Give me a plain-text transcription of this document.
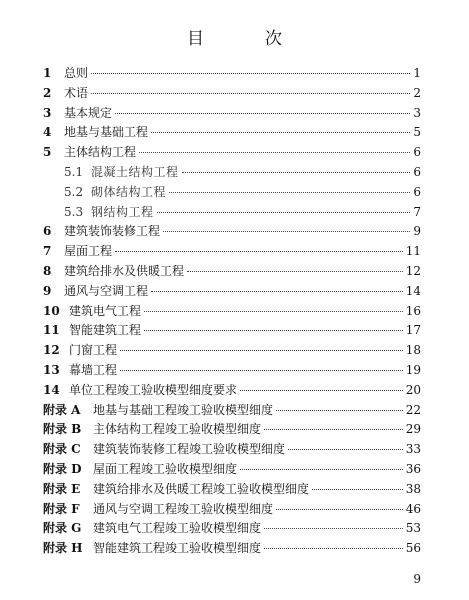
目　次
1	总则	1
2	术语	2
3	基本规定	3
4	地基与基础工程	5
5	主体结构工程	6
5.1 混凝土结构工程	6
5.2 砌体结构工程	6
5.3 钢结构工程	7
6	建筑装饰装修工程	9
7	屋面工程	11
8	建筑给排水及供暖工程	12
9	通风与空调工程	14
10 建筑电气工程	16
11 智能建筑工程	17
12 门窗工程	18
13 幕墙工程	19
14 单位工程竣工验收模型细度要求	20
附录 A	地基与基础工程竣工验收模型细度	22
附录 B 主体结构工程竣工验收模型细度	29
附录 C	建筑装饰装修工程竣工验收模型细度	33
附录 D 屋面工程竣工验收模型细度	36
附录 E	建筑给排水及供暖工程竣工验收模型细度	38
附录 F	通风与空调工程竣工验收模型细度	46
附录 G 建筑电气工程竣工验收模型细度	53
附录 H 智能建筑工程竣工验收模型细度	56
9
